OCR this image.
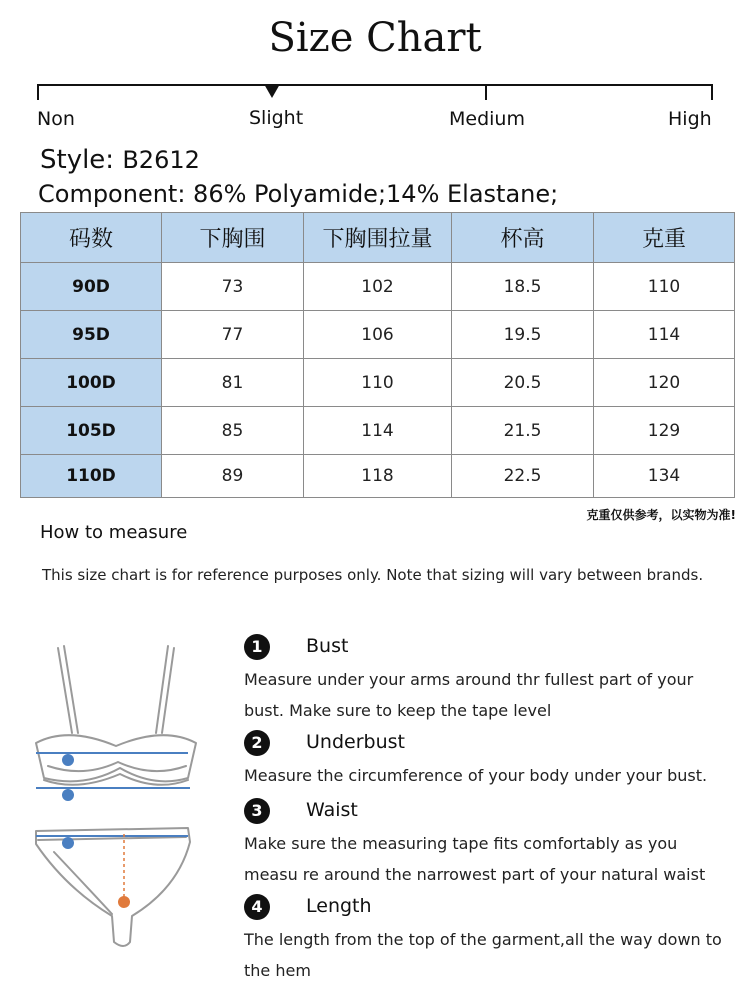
Size Chart
Non	Slight	Medium	High
Style: B2612
Component: 86% Polyamide;14% Elastane;
码数	下胸围	下胸围拉量	杯高	克重
90D	73	102	18.5	110
95D	77	106	19.5	114
100D	81	110	20.5	120
105D	85	114	21.5	129
110D	89	118	22.5	134
克重仅供参考，以实物为准!
How to measure
This size chart is for reference purposes only. Note that sizing will vary between brands.
1	Bust
Measure under your arms around thr fullest part of your bust. Make sure to keep the tape level
2	Underbust
Measure the circumference of your body under your bust.
3	Waist
Make sure the measuring tape fits comfortably as you measu re around the narrowest part of your natural waist
4	Length
The length from the top of the garment,all the way down to the hem
